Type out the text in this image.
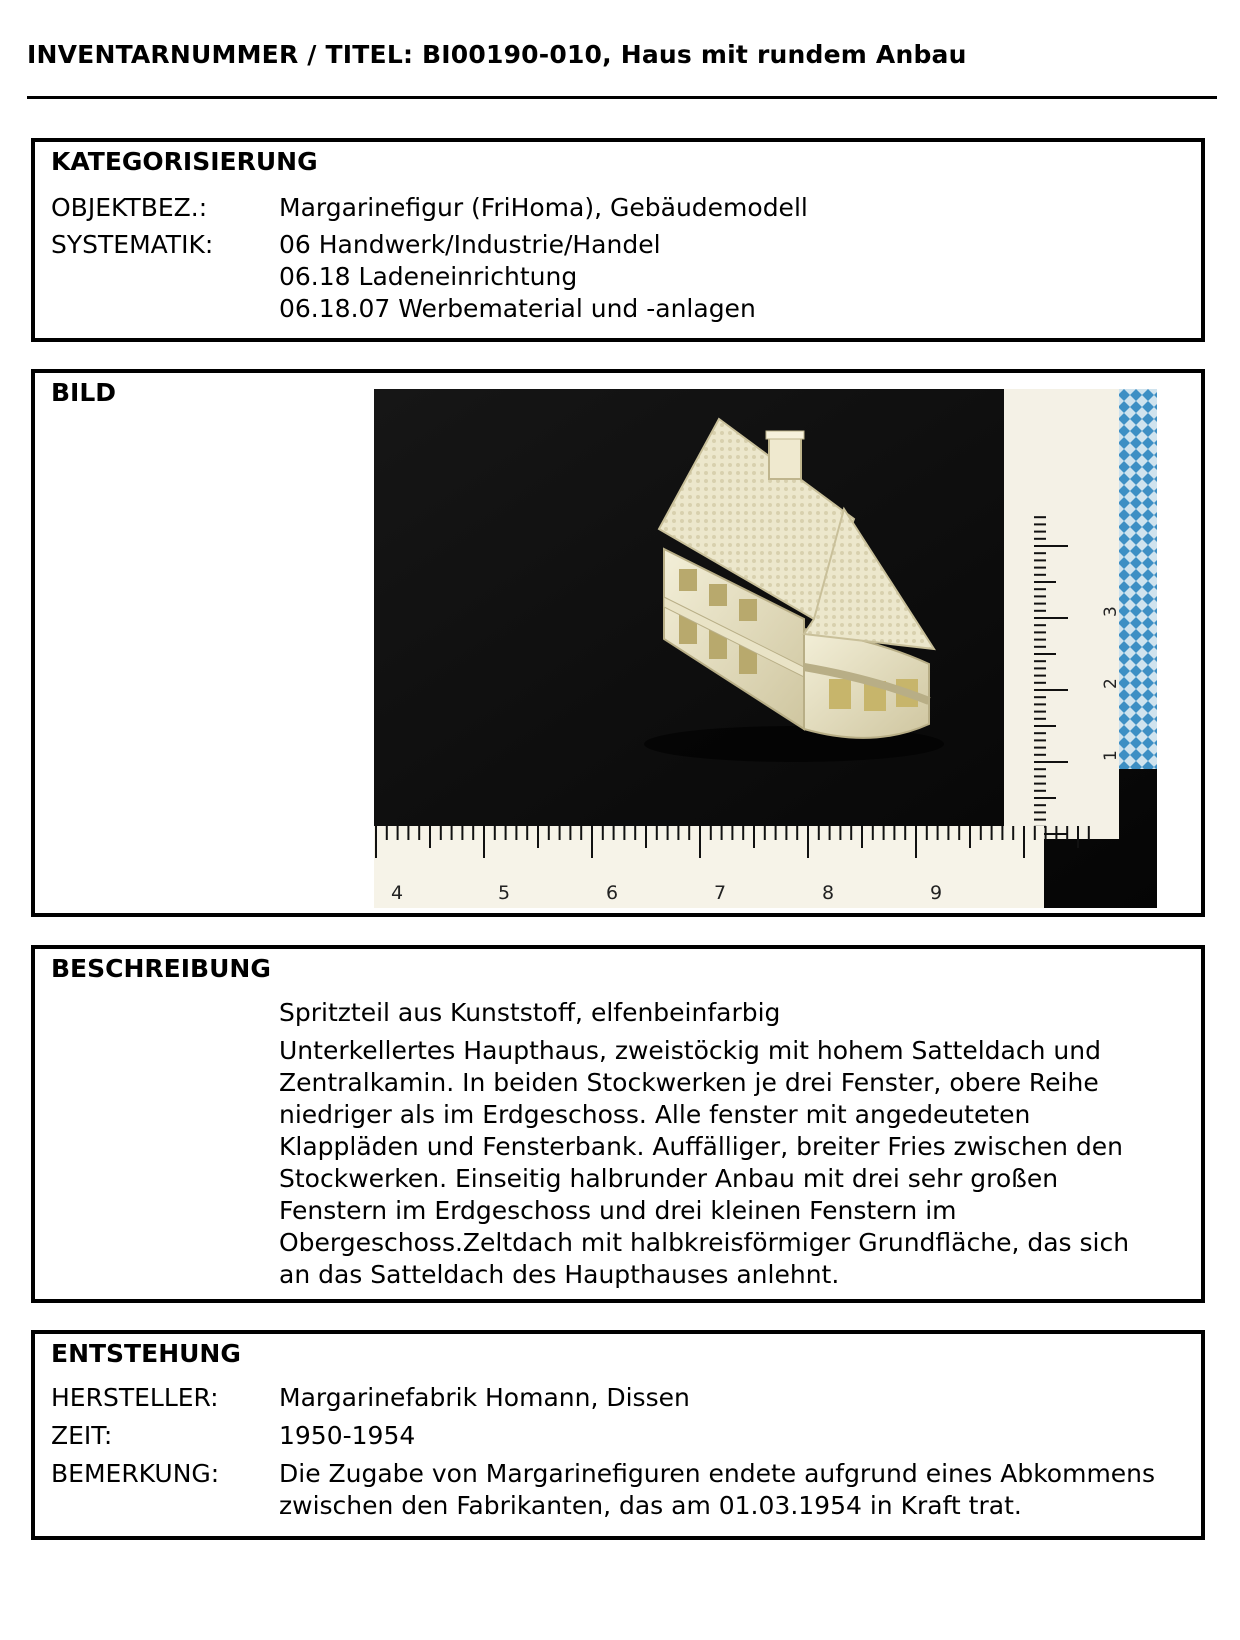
INVENTARNUMMER / TITEL: BI00190-010, Haus mit rundem Anbau
KATEGORISIERUNG
OBJEKTBEZ.:	Margarinefigur (FriHoma), Gebäudemodell
SYSTEMATIK:	06 Handwerk/Industrie/Handel
06.18 Ladeneinrichtung
06.18.07 Werbematerial und -anlagen
BILD
1
2
3
4	5	6	7	8	9
BESCHREIBUNG
Spritzteil aus Kunststoff, elfenbeinfarbig
Unterkellertes Haupthaus, zweistöckig mit hohem Satteldach und
Zentralkamin. In beiden Stockwerken je drei Fenster, obere Reihe
niedriger als im Erdgeschoss. Alle fenster mit angedeuteten
Klappläden und Fensterbank. Auffälliger, breiter Fries zwischen den
Stockwerken. Einseitig halbrunder Anbau mit drei sehr großen
Fenstern im Erdgeschoss und drei kleinen Fenstern im
Obergeschoss.Zeltdach mit halbkreisförmiger Grundfläche, das sich
an das Satteldach des Haupthauses anlehnt.
ENTSTEHUNG
HERSTELLER:	Margarinefabrik Homann, Dissen
ZEIT:	1950-1954
BEMERKUNG:	Die Zugabe von Margarinefiguren endete aufgrund eines Abkommens
zwischen den Fabrikanten, das am 01.03.1954 in Kraft trat.
